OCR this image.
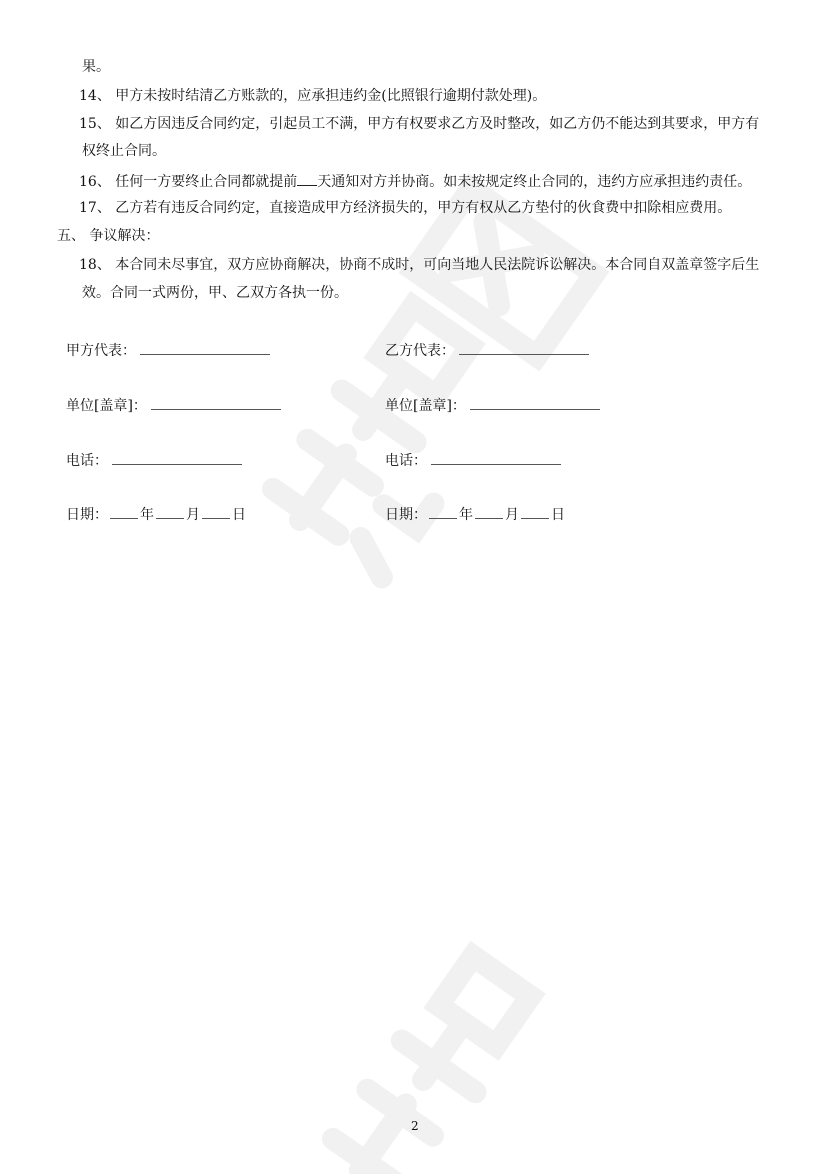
果。
14、 甲方未按时结清乙方账款的，应承担违约金(比照银行逾期付款处理)。
15、 如乙方因违反合同约定，引起员工不满，甲方有权要求乙方及时整改，如乙方仍不能达到其要求，甲方有
权终止合同。
16、 任何一方要终止合同都就提前 天通知对方并协商。如未按规定终止合同的，违约方应承担违约责任。
17、 乙方若有违反合同约定，直接造成甲方经济损失的，甲方有权从乙方垫付的伙食费中扣除相应费用。
五、 争议解决：
18、 本合同未尽事宜，双方应协商解决，协商不成时，可向当地人民法院诉讼解决。本合同自双盖章签字后生
效。合同一式两份，甲、乙双方各执一份。
甲方代表：
单位[盖章]：
电话：
日期： 年 月 日
乙方代表：
单位[盖章]：
电话：
日期： 年 月 日
2
